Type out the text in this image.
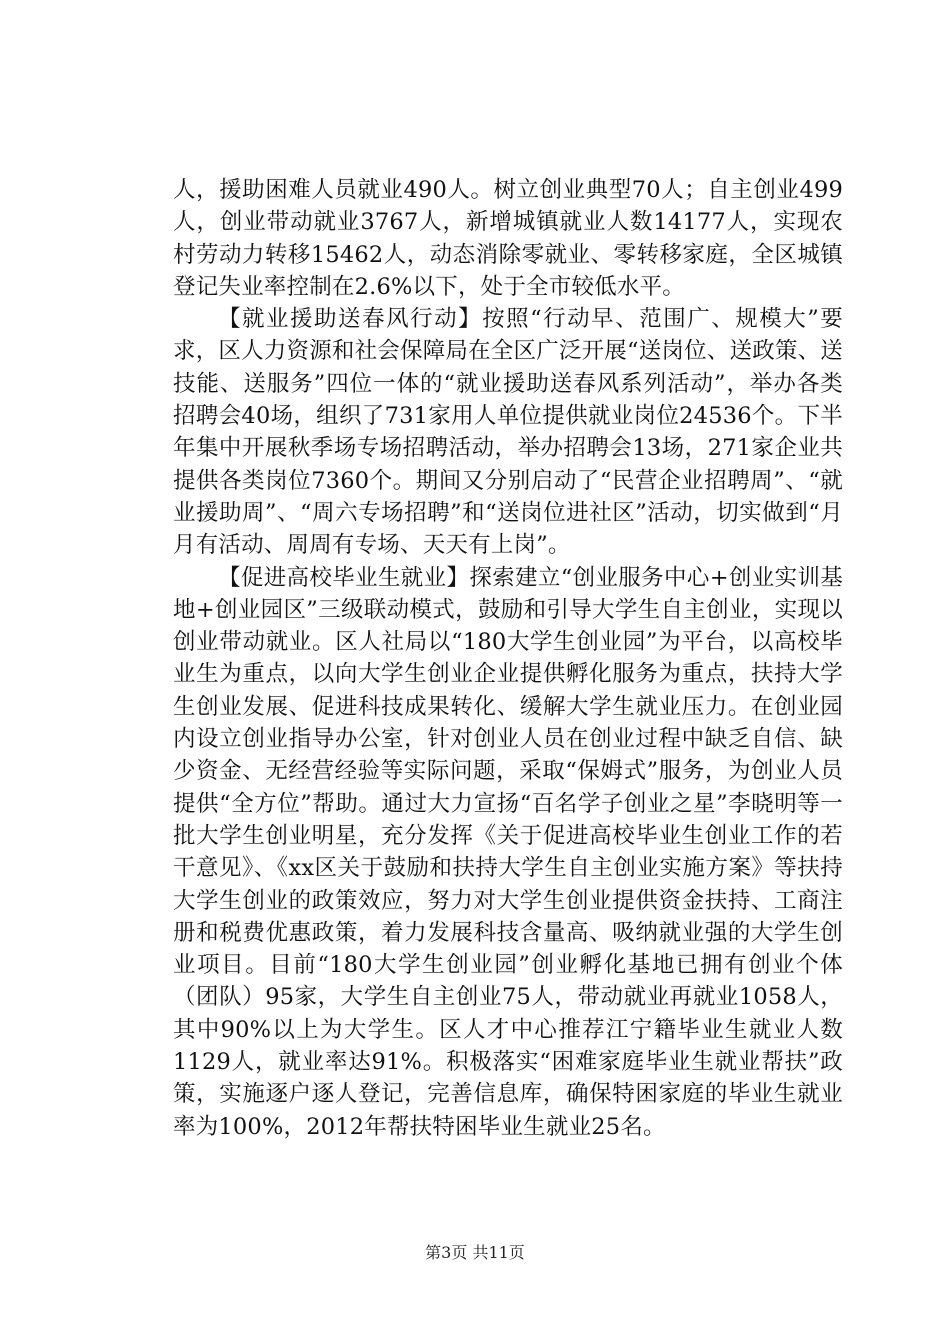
人，援助困难人员就业490人。树立创业典型70人；自主创业499人，创业带动就业3767人，新增城镇就业人数14177人，实现农村劳动力转移15462人，动态消除零就业、零转移家庭，全区城镇登记失业率控制在2.6%以下，处于全市较低水平。

【就业援助送春风行动】按照“行动早、范围广、规模大”要求，区人力资源和社会保障局在全区广泛开展“送岗位、送政策、送技能、送服务”四位一体的“就业援助送春风系列活动”，举办各类招聘会40场，组织了731家用人单位提供就业岗位24536个。下半年集中开展秋季场专场招聘活动，举办招聘会13场，271家企业共提供各类岗位7360个。期间又分别启动了“民营企业招聘周”、“就业援助周”、“周六专场招聘”和“送岗位进社区”活动，切实做到“月月有活动、周周有专场、天天有上岗”。

【促进高校毕业生就业】探索建立“创业服务中心+创业实训基地+创业园区”三级联动模式，鼓励和引导大学生自主创业，实现以创业带动就业。区人社局以“180大学生创业园”为平台，以高校毕业生为重点，以向大学生创业企业提供孵化服务为重点，扶持大学生创业发展、促进科技成果转化、缓解大学生就业压力。在创业园内设立创业指导办公室，针对创业人员在创业过程中缺乏自信、缺少资金、无经营经验等实际问题，采取“保姆式”服务，为创业人员提供“全方位”帮助。通过大力宣扬“百名学子创业之星”李晓明等一批大学生创业明星，充分发挥《关于促进高校毕业生创业工作的若干意见》、《xx区关于鼓励和扶持大学生自主创业实施方案》等扶持大学生创业的政策效应，努力对大学生创业提供资金扶持、工商注册和税费优惠政策，着力发展科技含量高、吸纳就业强的大学生创业项目。目前“180大学生创业园”创业孵化基地已拥有创业个体（团队）95家，大学生自主创业75人，带动就业再就业1058人，其中90%以上为大学生。区人才中心推荐江宁籍毕业生就业人数1129人，就业率达91%。积极落实“困难家庭毕业生就业帮扶”政策，实施逐户逐人登记，完善信息库，确保特困家庭的毕业生就业率为100%，2012年帮扶特困毕业生就业25名。

第3页 共11页
